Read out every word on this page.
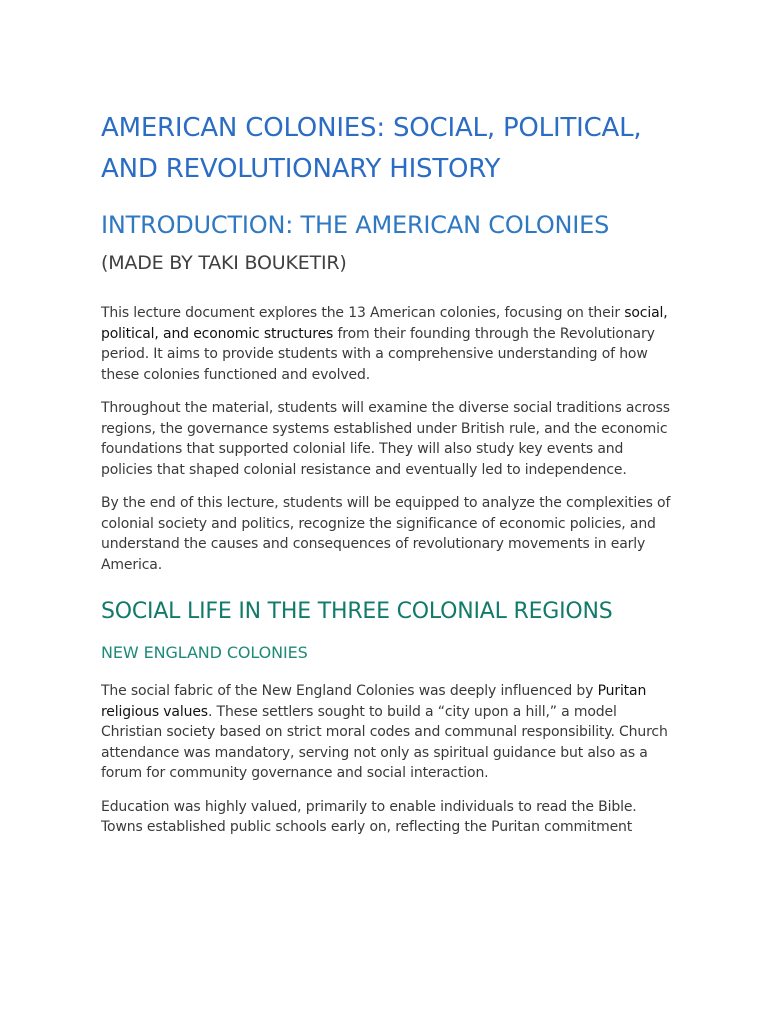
AMERICAN COLONIES: SOCIAL, POLITICAL, AND REVOLUTIONARY HISTORY
INTRODUCTION: THE AMERICAN COLONIES (MADE BY TAKI BOUKETIR)

This lecture document explores the 13 American colonies, focusing on their social, political, and economic structures from their founding through the Revolutionary period. It aims to provide students with a comprehensive understanding of how these colonies functioned and evolved.

Throughout the material, students will examine the diverse social traditions across regions, the governance systems established under British rule, and the economic foundations that supported colonial life. They will also study key events and policies that shaped colonial resistance and eventually led to independence.

By the end of this lecture, students will be equipped to analyze the complexities of colonial society and politics, recognize the significance of economic policies, and understand the causes and consequences of revolutionary movements in early America.

SOCIAL LIFE IN THE THREE COLONIAL REGIONS
NEW ENGLAND COLONIES

The social fabric of the New England Colonies was deeply influenced by Puritan religious values. These settlers sought to build a “city upon a hill,” a model Christian society based on strict moral codes and communal responsibility. Church attendance was mandatory, serving not only as spiritual guidance but also as a forum for community governance and social interaction.

Education was highly valued, primarily to enable individuals to read the Bible. Towns established public schools early on, reflecting the Puritan commitment
